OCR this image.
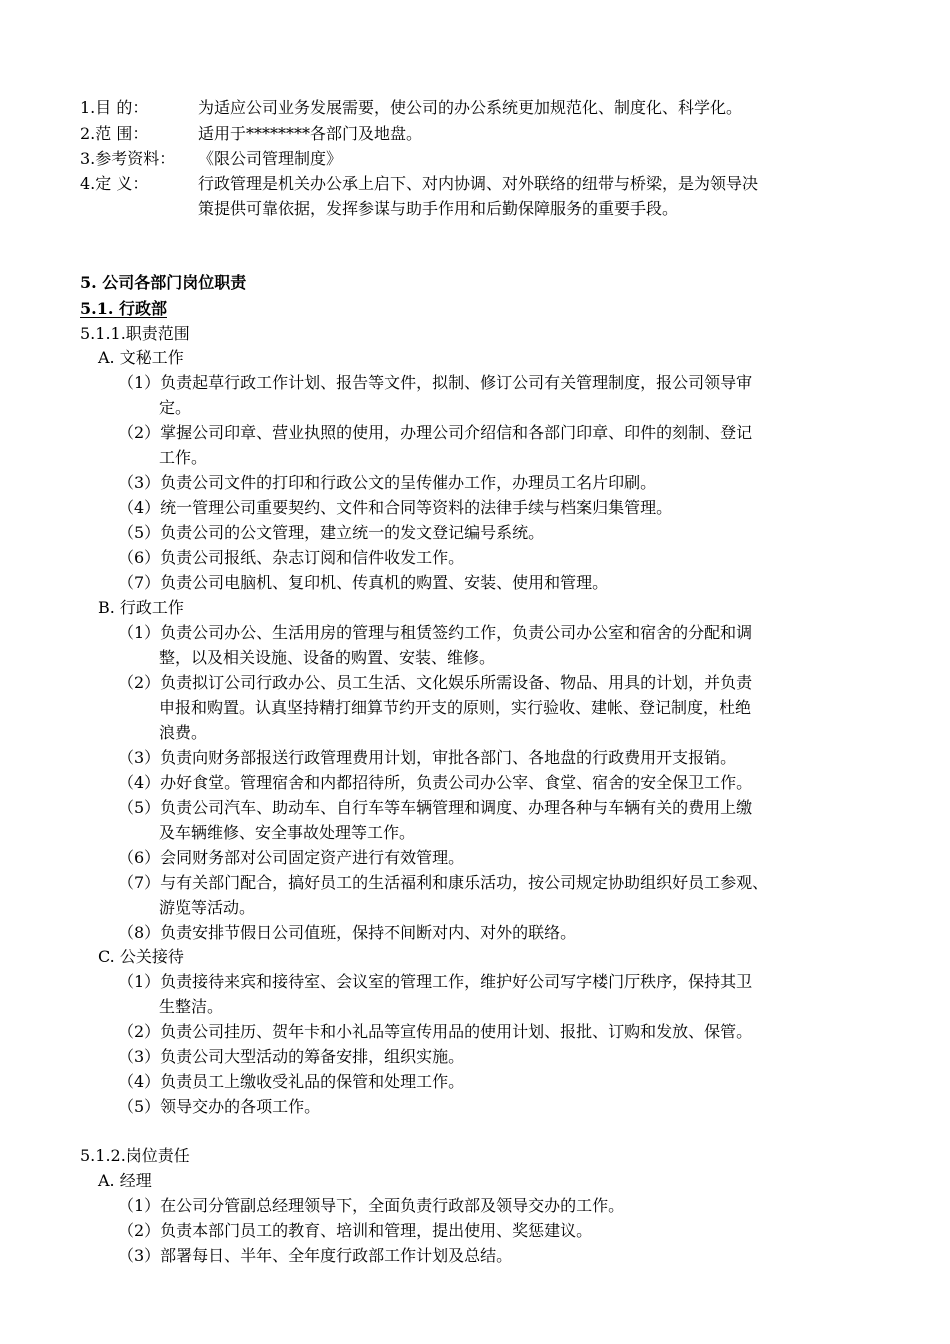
1.目 的：	为适应公司业务发展需要，使公司的办公系统更加规范化、制度化、科学化。
2.范 围：	适用于********各部门及地盘。
3.参考资料： 《限公司管理制度》
4.定 义：	行政管理是机关办公承上启下、对内协调、对外联络的纽带与桥梁，是为领导决
策提供可靠依据，发挥参谋与助手作用和后勤保障服务的重要手段。
5. 公司各部门岗位职责
5.1. 行政部
5.1.1.职责范围
A. 文秘工作
（1）负责起草行政工作计划、报告等文件，拟制、修订公司有关管理制度，报公司领导审
定。
（2）掌握公司印章、营业执照的使用，办理公司介绍信和各部门印章、印件的刻制、登记
工作。
（3）负责公司文件的打印和行政公文的呈传催办工作，办理员工名片印刷。
（4）统一管理公司重要契约、文件和合同等资料的法律手续与档案归集管理。
（5）负责公司的公文管理，建立统一的发文登记编号系统。
（6）负责公司报纸、杂志订阅和信件收发工作。
（7）负责公司电脑机、复印机、传真机的购置、安装、使用和管理。
B. 行政工作
（1）负责公司办公、生活用房的管理与租赁签约工作，负责公司办公室和宿舍的分配和调
整，以及相关设施、设备的购置、安装、维修。
（2）负责拟订公司行政办公、员工生活、文化娱乐所需设备、物品、用具的计划，并负责
申报和购置。认真坚持精打细算节约开支的原则，实行验收、建帐、登记制度，杜绝
浪费。
（3）负责向财务部报送行政管理费用计划，审批各部门、各地盘的行政费用开支报销。
（4）办好食堂。管理宿舍和内都招待所，负责公司办公宰、食堂、宿舍的安全保卫工作。
（5）负责公司汽车、助动车、自行车等车辆管理和调度、办理各种与车辆有关的费用上缴
及车辆维修、安全事故处理等工作。
（6）会同财务部对公司固定资产进行有效管理。
（7）与有关部门配合，搞好员工的生活福利和康乐活功，按公司规定协助组织好员工参观、
游览等活动。
（8）负责安排节假日公司值班，保持不间断对内、对外的联络。
C. 公关接待
（1）负责接待来宾和接待室、会议室的管理工作，维护好公司写字楼门厅秩序，保持其卫
生整洁。
（2）负责公司挂历、贺年卡和小礼品等宣传用品的使用计划、报批、订购和发放、保管。
（3）负责公司大型活动的筹备安排，组织实施。
（4）负责员工上缴收受礼品的保管和处理工作。
（5）领导交办的各项工作。
5.1.2.岗位责任
A. 经理
（1）在公司分管副总经理领导下，全面负责行政部及领导交办的工作。
（2）负责本部门员工的教育、培训和管理，提出使用、奖惩建议。
（3）部署每日、半年、全年度行政部工作计划及总结。
